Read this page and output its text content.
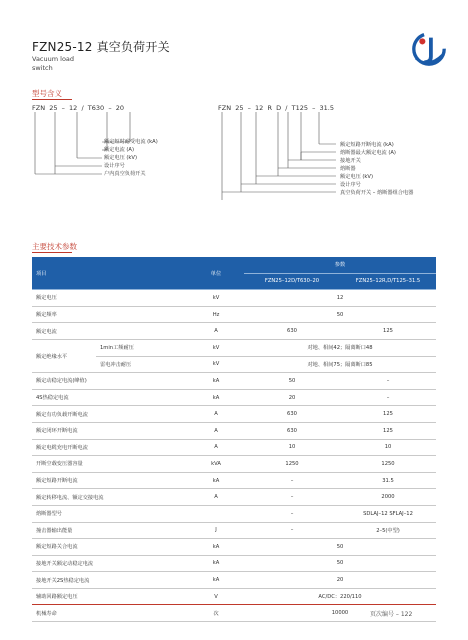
FZN25-12 真空负荷开关
Vacuum load
switch
型号含义
FZN 25 – 12 / T630 – 20
额定短时耐受电流 (kA)
额定电流 (A)
额定电压 (kV)
设计序号
户内真空负荷开关
FZN 25 – 12 R D / T125 – 31.5
额定短路开断电流 (kA)
熔断器最大额定电流 (A)
接地开关
熔断器
额定电压 (kV)
设计序号
真空负荷开关 – 熔断器组合电器
主要技术参数
项目		单位	参数	
			FZN25–12D/T630–20	FZN25–12R,D/T125–31.5
额定电压		kV	12	
额定频率		Hz	50	
额定电流		A	630	125
额定绝缘水平	1min工频耐压	kV	对地、相间42；隔离断口48	
	雷电冲击耐压	kV	对地、相间75；隔离断口85	
额定动稳定电流(峰值)		kA	50	–
4S热稳定电流		kA	20	–
额定有功负载开断电流		A	630	125
额定闭环开断电流		A	630	125
额定电缆充电开断电流		A	10	10
开断空载变压器容量		kVA	1250	1250
额定短路开断电流		kA	–	31.5
额定转移电流、额定交接电流		A	–	2000
熔断器型号			–	SDLAJ–12 SFLAJ–12
撞击器输出能量		J	–	2–5(中型)
额定短路关合电流		kA	50	
接地开关额定动稳定电流		kA	50	
接地开关2S热稳定电流		kA	20	
辅助回路额定电压		V	AC/DC：220/110	
机械寿命		次	10000		页次编号 – 122
